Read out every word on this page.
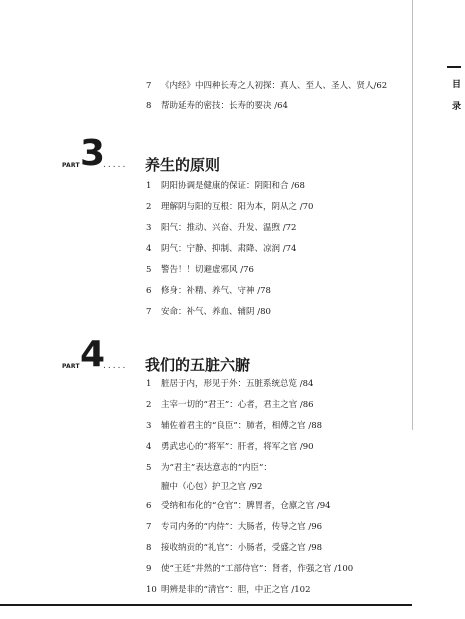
目
录
7 《内经》中四种长寿之人初探：真人、至人、圣人、贤人/62
8 帮助延寿的密技：长寿的要决 /64
PART 3
..... 养生的原则
1 阴阳协调是健康的保证：阴阳和合 /68
2 理解阴与阳的互根：阳为本，阴从之 /70
3 阳气：推动、兴奋、升发、温煦 /72
4 阴气：宁静、抑制、肃降、凉润 /74
5 警告！！切避虚邪风 /76
6 修身：补精、养气、守神 /78
7 安命：补气、养血、辅阴 /80
PART 4
..... 我们的五脏六腑
1 脏居于内，形见于外：五脏系统总览 /84
2 主宰一切的“君王”：心者，君主之官 /86
3 辅佐着君主的“良臣”：肺者，相傅之官 /88
4 勇武忠心的“将军”：肝者，将军之官 /90
5 为“君主”表达意志的“内臣”：
膻中（心包）护卫之官 /92
6 受纳和布化的“仓官”：脾胃者，仓廪之官 /94
7 专司内务的“内侍”：大肠者，传导之官 /96
8 接收纳贡的“礼官”：小肠者，受盛之官 /98
9 使“王廷”井然的“工部侍官”：肾者，作强之官 /100
10 明辨是非的“清官”：胆，中正之官 /102
